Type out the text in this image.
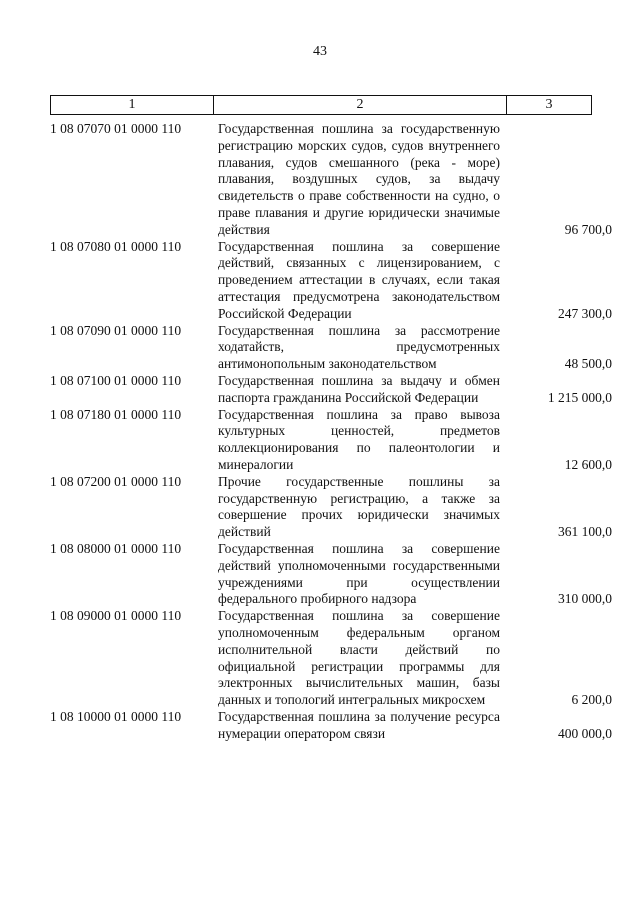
43
1	2	3
1 08 07070 01 0000 110	Государственная пошлина за государственную регистрацию морских судов, судов внутреннего плавания, судов смешанного (река - море) плавания, воздушных судов, за выдачу свидетельств о праве собственности на судно, о праве плавания и другие юридически значимые действия	96 700,0
1 08 07080 01 0000 110	Государственная пошлина за совершение действий, связанных с лицензированием, с проведением аттестации в случаях, если такая аттестация предусмотрена законодательством Российской Федерации	247 300,0
1 08 07090 01 0000 110	Государственная пошлина за рассмотрение ходатайств, предусмотренных антимонопольным законодательством	48 500,0
1 08 07100 01 0000 110	Государственная пошлина за выдачу и обмен паспорта гражданина Российской Федерации	1 215 000,0
1 08 07180 01 0000 110	Государственная пошлина за право вывоза культурных ценностей, предметов коллекционирования по палеонтологии и минералогии	12 600,0
1 08 07200 01 0000 110	Прочие государственные пошлины за государственную регистрацию, а также за совершение прочих юридически значимых действий	361 100,0
1 08 08000 01 0000 110	Государственная пошлина за совершение действий уполномоченными государственными учреждениями при осуществлении федерального пробирного надзора	310 000,0
1 08 09000 01 0000 110	Государственная пошлина за совершение уполномоченным федеральным органом исполнительной власти действий по официальной регистрации программы для электронных вычислительных машин, базы данных и топологий интегральных микросхем	6 200,0
1 08 10000 01 0000 110	Государственная пошлина за получение ресурса нумерации оператором связи	400 000,0
